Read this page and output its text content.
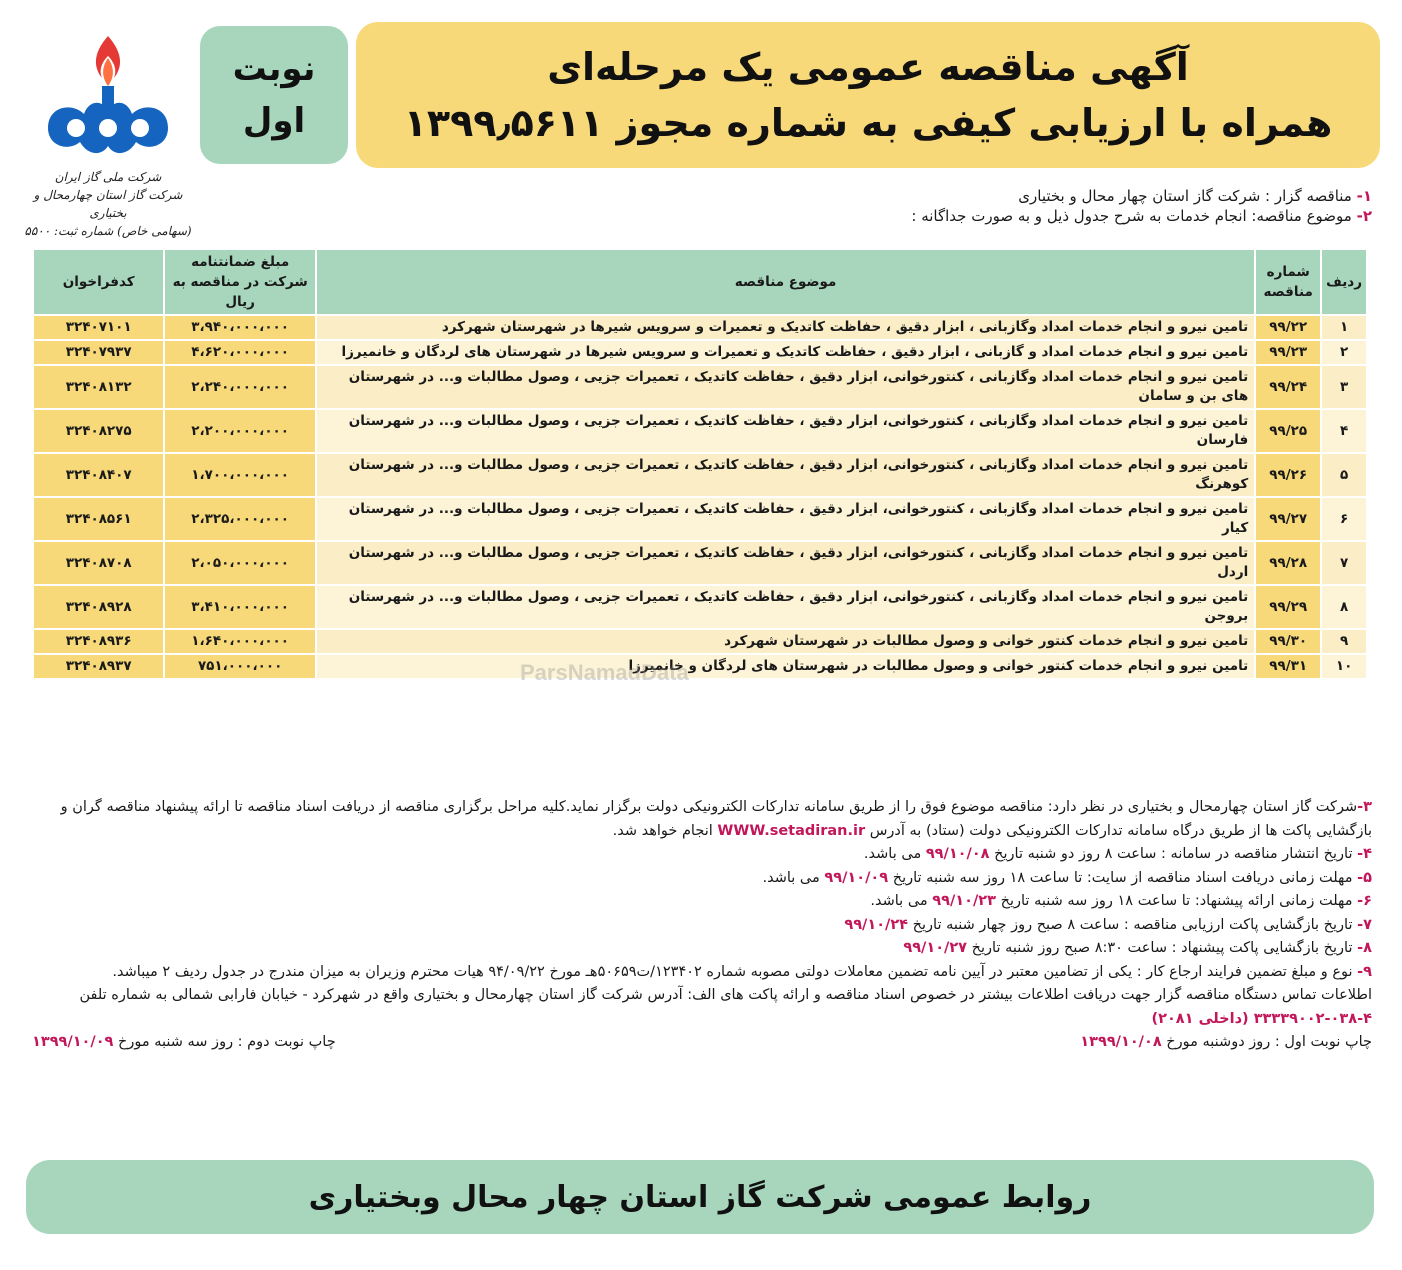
آگهی مناقصه عمومی یک مرحله‌ای
همراه با ارزیابی کیفی به شماره مجوز ۱۳۹۹٫۵۶۱۱
نوبت
اول
شرکت ملی گاز ایران
شرکت گاز استان چهارمحال و بختیاری
(سهامی خاص) شماره ثبت: ۵۵۰۰
۱- مناقصه گزار : شرکت گاز استان چهار محال و بختیاری
۲- موضوع مناقصه: انجام خدمات به شرح جدول ذیل و به صورت جداگانه :
ردیف	شماره مناقصه	موضوع مناقصه	مبلغ ضمانتنامه شرکت در مناقصه به ریال	کدفراخوان
۱	۹۹/۲۲	تامین نیرو و انجام خدمات امداد وگازبانی ، ابزار دقیق ، حفاظت کاتدیک و تعمیرات و سرویس شیرها در شهرستان شهرکرد	۳،۹۴۰،۰۰۰،۰۰۰	۳۲۴۰۷۱۰۱
۲	۹۹/۲۳	تامین نیرو و انجام خدمات امداد و گازبانی ، ابزار دقیق ، حفاظت کاتدیک و تعمیرات و سرویس شیرها در شهرستان های لردگان و خانمیرزا	۴،۶۲۰،۰۰۰،۰۰۰	۳۲۴۰۷۹۳۷
۳	۹۹/۲۴	تامین نیرو و انجام خدمات امداد وگازبانی ، کنتورخوانی، ابزار دقیق ، حفاظت کاتدیک ، تعمیرات جزیی ، وصول مطالبات و... در شهرستان های بن و سامان	۲،۲۴۰،۰۰۰،۰۰۰	۳۲۴۰۸۱۳۲
۴	۹۹/۲۵	تامین نیرو و انجام خدمات امداد وگازبانی ، کنتورخوانی، ابزار دقیق ، حفاظت کاتدیک ، تعمیرات جزیی ، وصول مطالبات و... در شهرستان فارسان	۲،۲۰۰،۰۰۰،۰۰۰	۳۲۴۰۸۲۷۵
۵	۹۹/۲۶	تامین نیرو و انجام خدمات امداد وگازبانی ، کنتورخوانی، ابزار دقیق ، حفاظت کاتدیک ، تعمیرات جزیی ، وصول مطالبات و... در شهرستان کوهرنگ	۱،۷۰۰،۰۰۰،۰۰۰	۳۲۴۰۸۴۰۷
۶	۹۹/۲۷	تامین نیرو و انجام خدمات امداد وگازبانی ، کنتورخوانی، ابزار دقیق ، حفاظت کاتدیک ، تعمیرات جزیی ، وصول مطالبات و... در شهرستان کیار	۲،۳۲۵،۰۰۰،۰۰۰	۳۲۴۰۸۵۶۱
۷	۹۹/۲۸	تامین نیرو و انجام خدمات امداد وگازبانی ، کنتورخوانی، ابزار دقیق ، حفاظت کاتدیک ، تعمیرات جزیی ، وصول مطالبات و... در شهرستان اردل	۲،۰۵۰،۰۰۰،۰۰۰	۳۲۴۰۸۷۰۸
۸	۹۹/۲۹	تامین نیرو و انجام خدمات امداد وگازبانی ، کنتورخوانی، ابزار دقیق ، حفاظت کاتدیک ، تعمیرات جزیی ، وصول مطالبات و... در شهرستان بروجن	۳،۴۱۰،۰۰۰،۰۰۰	۳۲۴۰۸۹۲۸
۹	۹۹/۳۰	تامین نیرو و انجام خدمات کنتور خوانی و وصول مطالبات در شهرستان شهرکرد	۱،۶۴۰،۰۰۰،۰۰۰	۳۲۴۰۸۹۳۶
۱۰	۹۹/۳۱	تامین نیرو و انجام خدمات کنتور خوانی و وصول مطالبات در شهرستان های لردگان و خانمیرزا	۷۵۱،۰۰۰،۰۰۰	۳۲۴۰۸۹۳۷	ParsNamadData

۳-شرکت گاز استان چهارمحال و بختیاری در نظر دارد: مناقصه موضوع فوق را از طریق سامانه تدارکات الکترونیکی دولت برگزار نماید.کلیه مراحل برگزاری مناقصه از دریافت اسناد مناقصه تا ارائه پیشنهاد مناقصه گران و بازگشایی پاکت ها از طریق درگاه سامانه تدارکات الکترونیکی دولت (ستاد) به آدرس WWW.setadiran.ir انجام خواهد شد.

۴- تاریخ انتشار مناقصه در سامانه : ساعت ۸ روز دو شنبه تاریخ ۹۹/۱۰/۰۸ می باشد.

۵- مهلت زمانی دریافت اسناد مناقصه از سایت: تا ساعت ۱۸ روز سه شنبه تاریخ ۹۹/۱۰/۰۹ می باشد.

۶- مهلت زمانی ارائه پیشنهاد: تا ساعت ۱۸ روز سه شنبه تاریخ ۹۹/۱۰/۲۳ می باشد.

۷- تاریخ بازگشایی پاکت ارزیابی مناقصه : ساعت ۸ صبح روز چهار شنبه تاریخ ۹۹/۱۰/۲۴

۸- تاریخ بازگشایی پاکت پیشنهاد : ساعت ۸:۳۰ صبح روز شنبه تاریخ ۹۹/۱۰/۲۷

۹- نوع و مبلغ تضمین فرایند ارجاع کار : یکی از تضامین معتبر در آیین نامه تضمین معاملات دولتی مصوبه شماره ۱۲۳۴۰۲/ت۵۰۶۵۹هـ مورخ ۹۴/۰۹/۲۲ هیات محترم وزیران به میزان مندرج در جدول ردیف ۲ میباشد.

اطلاعات تماس دستگاه مناقصه گزار جهت دریافت اطلاعات بیشتر در خصوص اسناد مناقصه و ارائه پاکت های الف: آدرس شرکت گاز استان چهارمحال و بختیاری واقع در شهرکرد - خیابان فارابی شمالی به شماره تلفن ۴-۰۳۸-۳۳۳۳۹۰۰۲ (داخلی ۲۰۸۱)

چاپ نوبت اول : روز دوشنبه مورخ ۱۳۹۹/۱۰/۰۸
چاپ نوبت دوم : روز سه شنبه مورخ ۱۳۹۹/۱۰/۰۹
روابط عمومی شرکت گاز استان چهار محال وبختیاری
